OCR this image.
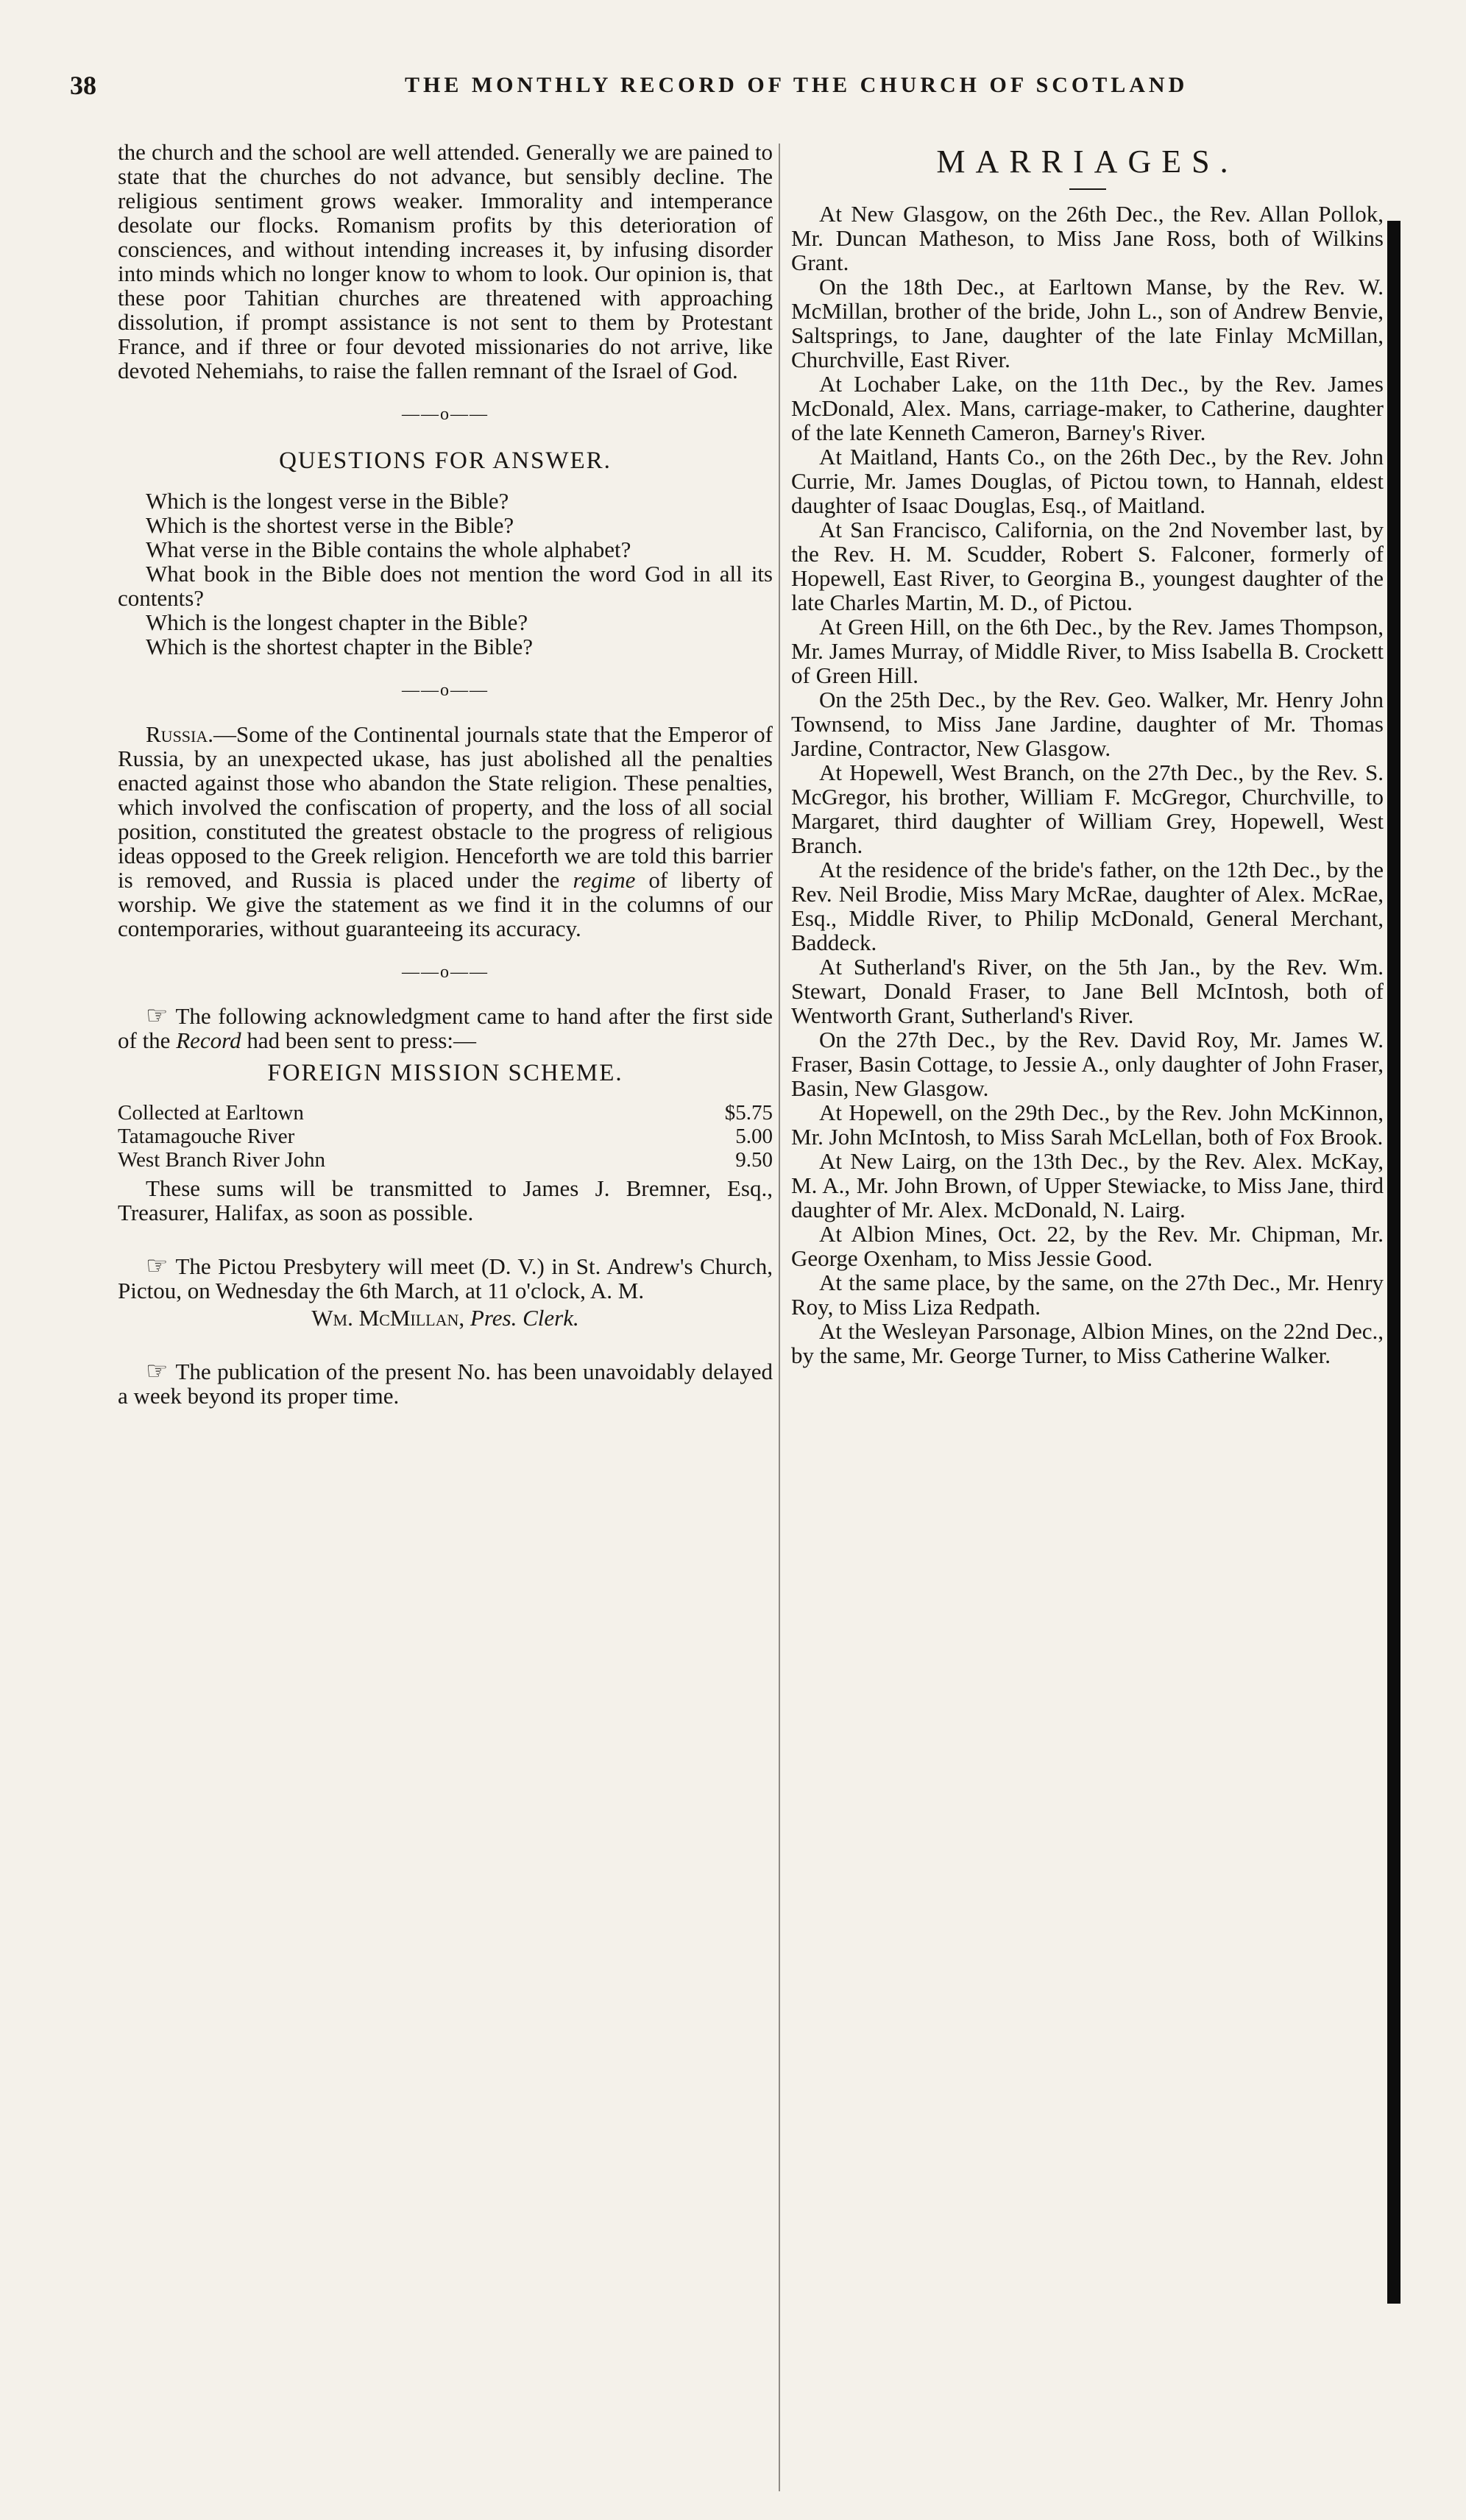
38	THE MONTHLY RECORD OF THE CHURCH OF SCOTLAND

the church and the school are well attended. Generally we are pained to state that the churches do not advance, but sensibly decline. The religious sentiment grows weaker. Immorality and intemperance desolate our flocks. Romanism profits by this deterioration of consciences, and without intending increases it, by infusing disorder into minds which no longer know to whom to look. Our opinion is, that these poor Tahitian churches are threatened with approaching dissolution, if prompt assistance is not sent to them by Protestant France, and if three or four devoted missionaries do not arrive, like devoted Nehemiahs, to raise the fallen remnant of the Israel of God.

——o——
QUESTIONS FOR ANSWER.

Which is the longest verse in the Bible?

Which is the shortest verse in the Bible?

What verse in the Bible contains the whole alphabet?

What book in the Bible does not mention the word God in all its contents?

Which is the longest chapter in the Bible?

Which is the shortest chapter in the Bible?

——o——

Russia.—Some of the Continental journals state that the Emperor of Russia, by an unexpected ukase, has just abolished all the penalties enacted against those who abandon the State religion. These penalties, which involved the confiscation of property, and the loss of all social position, constituted the greatest obstacle to the progress of religious ideas opposed to the Greek religion. Henceforth we are told this barrier is removed, and Russia is placed under the regime of liberty of worship. We give the statement as we find it in the columns of our contemporaries, without guaranteeing its accuracy.

——o——

☞ The following acknowledgment came to hand after the first side of the Record had been sent to press:—

FOREIGN MISSION SCHEME.
Collected at Earltown	$5.75
Tatamagouche River	5.00
West Branch River John	9.50

These sums will be transmitted to James J. Bremner, Esq., Treasurer, Halifax, as soon as possible.

☞ The Pictou Presbytery will meet (D. V.) in St. Andrew's Church, Pictou, on Wednesday the 6th March, at 11 o'clock, A. M.

Wm. McMillan, Pres. Clerk.

☞ The publication of the present No. has been unavoidably delayed a week beyond its proper time.

MARRIAGES.

At New Glasgow, on the 26th Dec., the Rev. Allan Pollok, Mr. Duncan Matheson, to Miss Jane Ross, both of Wilkins Grant.

On the 18th Dec., at Earltown Manse, by the Rev. W. McMillan, brother of the bride, John L., son of Andrew Benvie, Saltsprings, to Jane, daughter of the late Finlay McMillan, Churchville, East River.

At Lochaber Lake, on the 11th Dec., by the Rev. James McDonald, Alex. Mans, carriage-maker, to Catherine, daughter of the late Kenneth Cameron, Barney's River.

At Maitland, Hants Co., on the 26th Dec., by the Rev. John Currie, Mr. James Douglas, of Pictou town, to Hannah, eldest daughter of Isaac Douglas, Esq., of Maitland.

At San Francisco, California, on the 2nd November last, by the Rev. H. M. Scudder, Robert S. Falconer, formerly of Hopewell, East River, to Georgina B., youngest daughter of the late Charles Martin, M. D., of Pictou.

At Green Hill, on the 6th Dec., by the Rev. James Thompson, Mr. James Murray, of Middle River, to Miss Isabella B. Crockett of Green Hill.

On the 25th Dec., by the Rev. Geo. Walker, Mr. Henry John Townsend, to Miss Jane Jardine, daughter of Mr. Thomas Jardine, Contractor, New Glasgow.

At Hopewell, West Branch, on the 27th Dec., by the Rev. S. McGregor, his brother, William F. McGregor, Churchville, to Margaret, third daughter of William Grey, Hopewell, West Branch.

At the residence of the bride's father, on the 12th Dec., by the Rev. Neil Brodie, Miss Mary McRae, daughter of Alex. McRae, Esq., Middle River, to Philip McDonald, General Merchant, Baddeck.

At Sutherland's River, on the 5th Jan., by the Rev. Wm. Stewart, Donald Fraser, to Jane Bell McIntosh, both of Wentworth Grant, Sutherland's River.

On the 27th Dec., by the Rev. David Roy, Mr. James W. Fraser, Basin Cottage, to Jessie A., only daughter of John Fraser, Basin, New Glasgow.

At Hopewell, on the 29th Dec., by the Rev. John McKinnon, Mr. John McIntosh, to Miss Sarah McLellan, both of Fox Brook.

At New Lairg, on the 13th Dec., by the Rev. Alex. McKay, M. A., Mr. John Brown, of Upper Stewiacke, to Miss Jane, third daughter of Mr. Alex. McDonald, N. Lairg.

At Albion Mines, Oct. 22, by the Rev. Mr. Chipman, Mr. George Oxenham, to Miss Jessie Good.

At the same place, by the same, on the 27th Dec., Mr. Henry Roy, to Miss Liza Redpath.

At the Wesleyan Parsonage, Albion Mines, on the 22nd Dec., by the same, Mr. George Turner, to Miss Catherine Walker.
